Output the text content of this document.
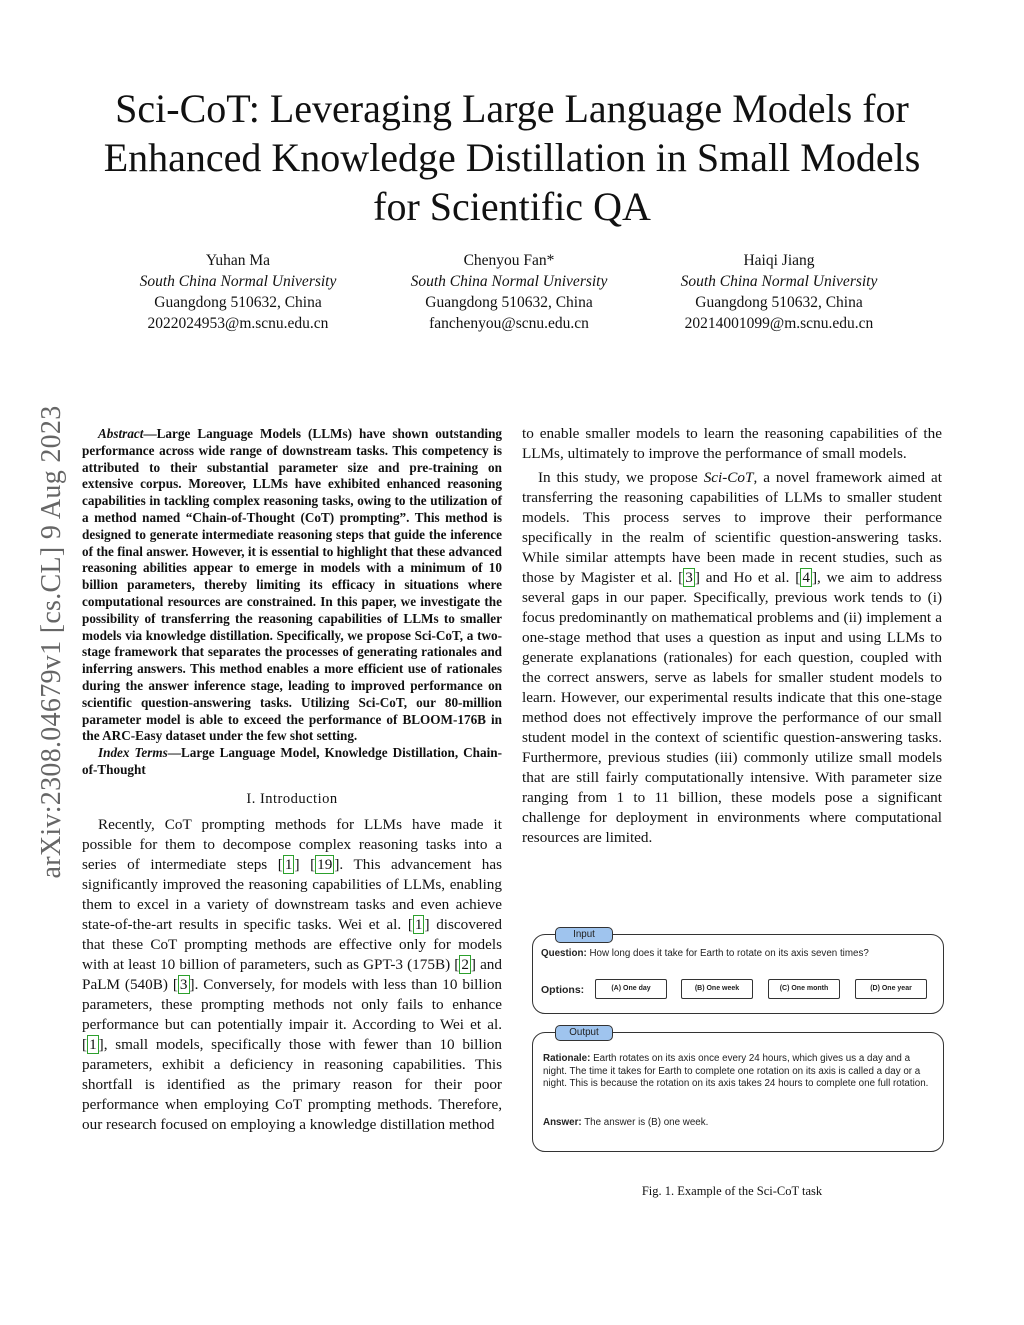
arXiv:2308.04679v1 [cs.CL] 9 Aug 2023
Sci-CoT: Leveraging Large Language Models for
Enhanced Knowledge Distillation in Small Models
for Scientific QA
Yuhan Ma
South China Normal University
Guangdong 510632, China
2022024953@m.scnu.edu.cn
Chenyou Fan*
South China Normal University
Guangdong 510632, China
fanchenyou@scnu.edu.cn
Haiqi Jiang
South China Normal University
Guangdong 510632, China
20214001099@m.scnu.edu.cn

Abstract—Large Language Models (LLMs) have shown outstanding performance across wide range of downstream tasks. This competency is attributed to their substantial parameter size and pre-training on extensive corpus. Moreover, LLMs have exhibited enhanced reasoning capabilities in tackling complex reasoning tasks, owing to the utilization of a method named “Chain-of-Thought (CoT) prompting”. This method is designed to generate intermediate reasoning steps that guide the inference of the final answer. However, it is essential to highlight that these advanced reasoning abilities appear to emerge in models with a minimum of 10 billion parameters, thereby limiting its efficacy in situations where computational resources are constrained. In this paper, we investigate the possibility of transferring the reasoning capabilities of LLMs to smaller models via knowledge distillation. Specifically, we propose Sci-CoT, a two-stage framework that separates the processes of generating rationales and inferring answers. This method enables a more efficient use of rationales during the answer inference stage, leading to improved performance on scientific question-answering tasks. Utilizing Sci-CoT, our 80-million parameter model is able to exceed the performance of BLOOM-176B in the ARC-Easy dataset under the few shot setting.

Index Terms—Large Language Model, Knowledge Distillation, Chain-of-Thought

I. Introduction

Recently, CoT prompting methods for LLMs have made it possible for them to decompose complex reasoning tasks into a series of intermediate steps [ 1 ] [ 19 ]. This advancement has significantly improved the reasoning capabilities of LLMs, enabling them to excel in a variety of downstream tasks and even achieve state-of-the-art results in specific tasks. Wei et al. [ 1 ] discovered that these CoT prompting methods are effective only for models with at least 10 billion of parameters, such as GPT-3 (175B) [ 2 ] and PaLM (540B) [ 3 ]. Conversely, for models with less than 10 billion parameters, these prompting methods not only fails to enhance performance but can potentially impair it. According to Wei et al. [ 1 ], small models, specifically those with fewer than 10 billion parameters, exhibit a deficiency in reasoning capabilities. This shortfall is identified as the primary reason for their poor performance when employing CoT prompting methods. Therefore, our research focused on employing a knowledge distillation method

to enable smaller models to learn the reasoning capabilities of the LLMs, ultimately to improve the performance of small models.

In this study, we propose Sci-CoT, a novel framework aimed at transferring the reasoning capabilities of LLMs to smaller student models. This process serves to improve their performance specifically in the realm of scientific question-answering tasks. While similar attempts have been made in recent studies, such as those by Magister et al. [ 3 ] and Ho et al. [ 4 ], we aim to address several gaps in our paper. Specifically, previous work tends to (i) focus predominantly on mathematical problems and (ii) implement a one-stage method that uses a question as input and using LLMs to generate explanations (rationales) for each question, coupled with the correct answers, serve as labels for smaller student models to learn. However, our experimental results indicate that this one-stage method does not effectively improve the performance of our small student model in the context of scientific question-answering tasks. Furthermore, previous studies (iii) commonly utilize small models that are still fairly computationally intensive. With parameter size ranging from 1 to 11 billion, these models pose a significant challenge for deployment in environments where computational resources are limited.

Input
Question: How long does it take for Earth to rotate on its axis seven times?
Options:	(A) One day	(B) One week	(C) One month	(D) One year
Output
Rationale: Earth rotates on its axis once every 24 hours, which gives us a day and a night. The time it takes for Earth to complete one rotation on its axis is called a day or a night. This is because the rotation on its axis takes 24 hours to complete one full rotation.
Answer: The answer is (B) one week.
Fig. 1. Example of the Sci-CoT task
